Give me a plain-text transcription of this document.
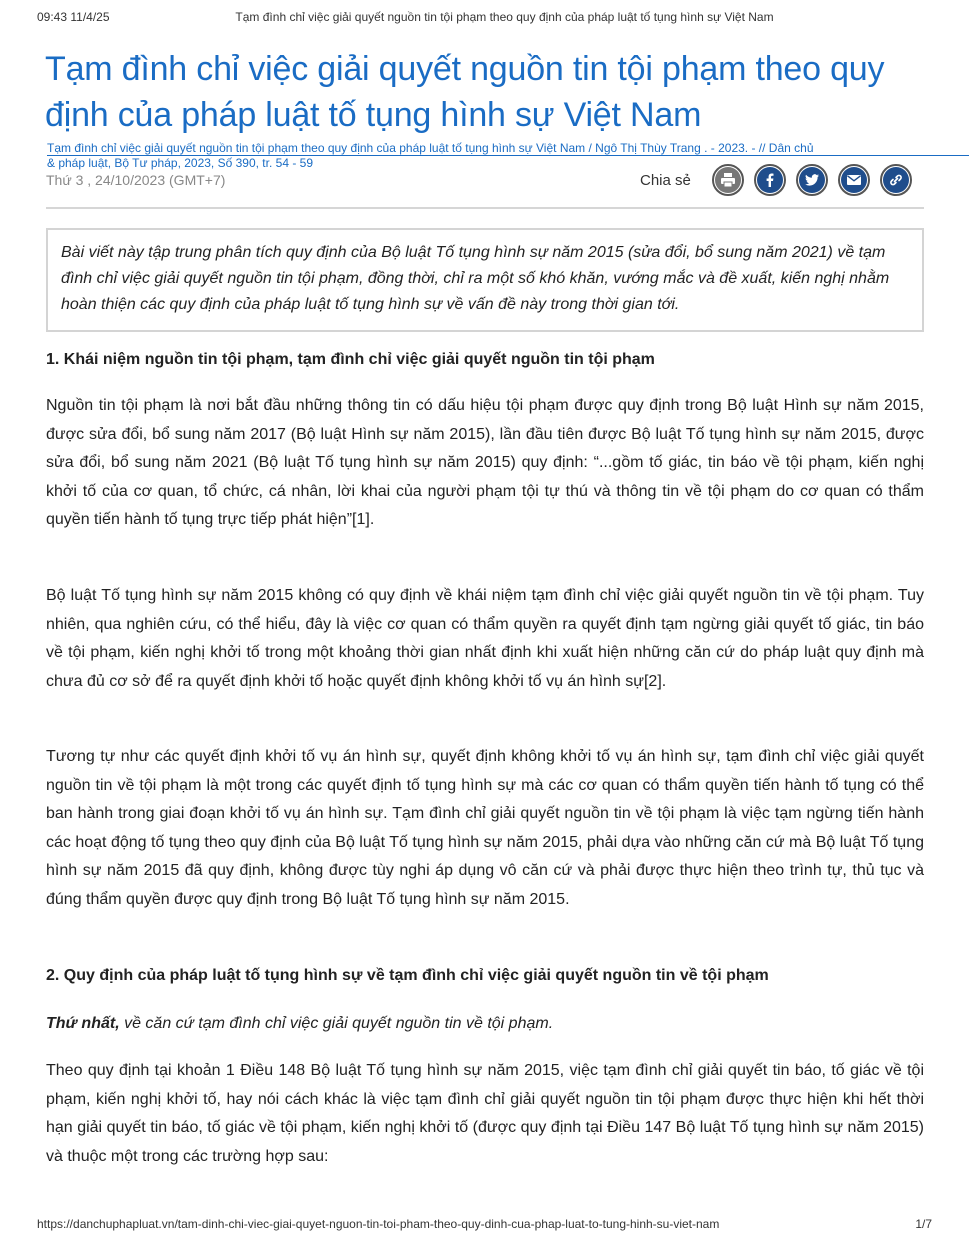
09:43 11/4/25	Tạm đình chỉ việc giải quyết nguồn tin tội phạm theo quy định của pháp luật tố tụng hình sự Việt Nam
Tạm đình chỉ việc giải quyết nguồn tin tội phạm theo quy định của pháp luật tố tụng hình sự Việt Nam
Tạm đình chỉ việc giải quyết nguồn tin tội phạm theo quy định của pháp luật tố tụng hình sự Việt Nam / Ngô Thị Thùy Trang . - 2023. - // Dân chủ
& pháp luật, Bộ Tư pháp, 2023, Số 390, tr. 54 - 59
Thứ 3 , 24/10/2023 (GMT+7)	Chia sẻ
Bài viết này tập trung phân tích quy định của Bộ luật Tố tụng hình sự năm 2015 (sửa đổi, bổ sung năm 2021) về tạm đình chỉ việc giải quyết nguồn tin tội phạm, đồng thời, chỉ ra một số khó khăn, vướng mắc và đề xuất, kiến nghị nhằm hoàn thiện các quy định của pháp luật tố tụng hình sự về vấn đề này trong thời gian tới.
1. Khái niệm nguồn tin tội phạm, tạm đình chỉ việc giải quyết nguồn tin tội phạm

Nguồn tin tội phạm là nơi bắt đầu những thông tin có dấu hiệu tội phạm được quy định trong Bộ luật Hình sự năm 2015, được sửa đổi, bổ sung năm 2017 (Bộ luật Hình sự năm 2015), lần đầu tiên được Bộ luật Tố tụng hình sự năm 2015, được sửa đổi, bổ sung năm 2021 (Bộ luật Tố tụng hình sự năm 2015) quy định: “...gồm tố giác, tin báo về tội phạm, kiến nghị khởi tố của cơ quan, tổ chức, cá nhân, lời khai của người phạm tội tự thú và thông tin về tội phạm do cơ quan có thẩm quyền tiến hành tố tụng trực tiếp phát hiện”[1].

Bộ luật Tố tụng hình sự năm 2015 không có quy định về khái niệm tạm đình chỉ việc giải quyết nguồn tin về tội phạm. Tuy nhiên, qua nghiên cứu, có thể hiểu, đây là việc cơ quan có thẩm quyền ra quyết định tạm ngừng giải quyết tố giác, tin báo về tội phạm, kiến nghị khởi tố trong một khoảng thời gian nhất định khi xuất hiện những căn cứ do pháp luật quy định mà chưa đủ cơ sở để ra quyết định khởi tố hoặc quyết định không khởi tố vụ án hình sự[2].

Tương tự như các quyết định khởi tố vụ án hình sự, quyết định không khởi tố vụ án hình sự, tạm đình chỉ việc giải quyết nguồn tin về tội phạm là một trong các quyết định tố tụng hình sự mà các cơ quan có thẩm quyền tiến hành tố tụng có thể ban hành trong giai đoạn khởi tố vụ án hình sự. Tạm đình chỉ giải quyết nguồn tin về tội phạm là việc tạm ngừng tiến hành các hoạt động tố tụng theo quy định của Bộ luật Tố tụng hình sự năm 2015, phải dựa vào những căn cứ mà Bộ luật Tố tụng hình sự năm 2015 đã quy định, không được tùy nghi áp dụng vô căn cứ và phải được thực hiện theo trình tự, thủ tục và đúng thẩm quyền được quy định trong Bộ luật Tố tụng hình sự năm 2015.

2. Quy định của pháp luật tố tụng hình sự về tạm đình chỉ việc giải quyết nguồn tin về tội phạm

Thứ nhất, về căn cứ tạm đình chỉ việc giải quyết nguồn tin về tội phạm.

Theo quy định tại khoản 1 Điều 148 Bộ luật Tố tụng hình sự năm 2015, việc tạm đình chỉ giải quyết tin báo, tố giác về tội phạm, kiến nghị khởi tố, hay nói cách khác là việc tạm đình chỉ giải quyết nguồn tin tội phạm được thực hiện khi hết thời hạn giải quyết tin báo, tố giác về tội phạm, kiến nghị khởi tố (được quy định tại Điều 147 Bộ luật Tố tụng hình sự năm 2015) và thuộc một trong các trường hợp sau:

https://danchuphapluat.vn/tam-dinh-chi-viec-giai-quyet-nguon-tin-toi-pham-theo-quy-dinh-cua-phap-luat-to-tung-hinh-su-viet-nam	1/7
